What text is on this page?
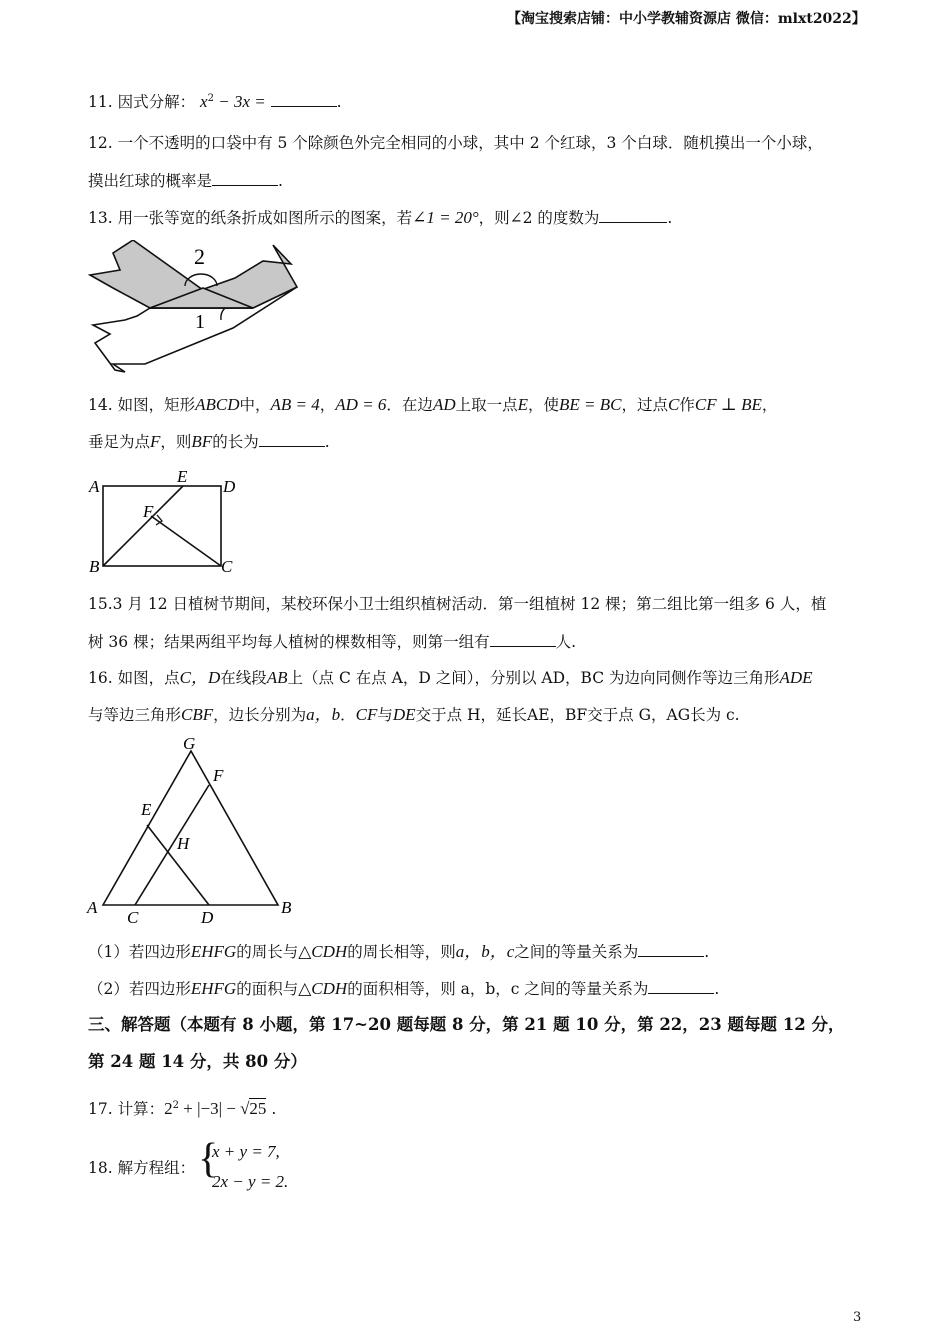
【淘宝搜索店铺：中小学教辅资源店 微信：mlxt2022】
11. 因式分解： $x^2 - 3x$ =	.
12. 一个不透明的口袋中有 5 个除颜色外完全相同的小球，其中 2 个红球，3 个白球．随机摸出一个小球，
摸出红球的概率是	.
13. 用一张等宽的纸条折成如图所示的图案，若∠1 = 20°，则∠2 的度数为	.
2
1
14. 如图，矩形ABCD中，AB = 4，AD = 6．在边AD上取一点E，使BE = BC，过点C作CF ⊥ BE，
垂足为点F，则BF的长为	.
A
E
D
F
B	C
15.3 月 12 日植树节期间，某校环保小卫士组织植树活动．第一组植树 12 棵；第二组比第一组多 6 人，植
树 36 棵；结果两组平均每人植树的棵数相等，则第一组有	人.
16. 如图，点C，D在线段AB上（点 C 在点 A，D 之间），分别以 AD，BC 为边向同侧作等边三角形ADE
与等边三角形CBF，边长分别为a，b．CF与DE交于点 H，延长AE，BF交于点 G，AG长为 c.
G
F
E
H
A
C	D
B
（1）若四边形EHFG的周长与△CDH的周长相等，则a，b，c之间的等量关系为	.
（2）若四边形EHFG的面积与△CDH的面积相等，则 a，b，c 之间的等量关系为	.
三、解答题（本题有 8 小题，第 17~20 题每题 8 分，第 21 题 10 分，第 22，23 题每题 12 分，
第 24 题 14 分，共 80 分）
17. 计算：$2^2 + |-3| - √25$ .
18. 解方程组： {
x + y = 7,
2x − y = 2.
3
